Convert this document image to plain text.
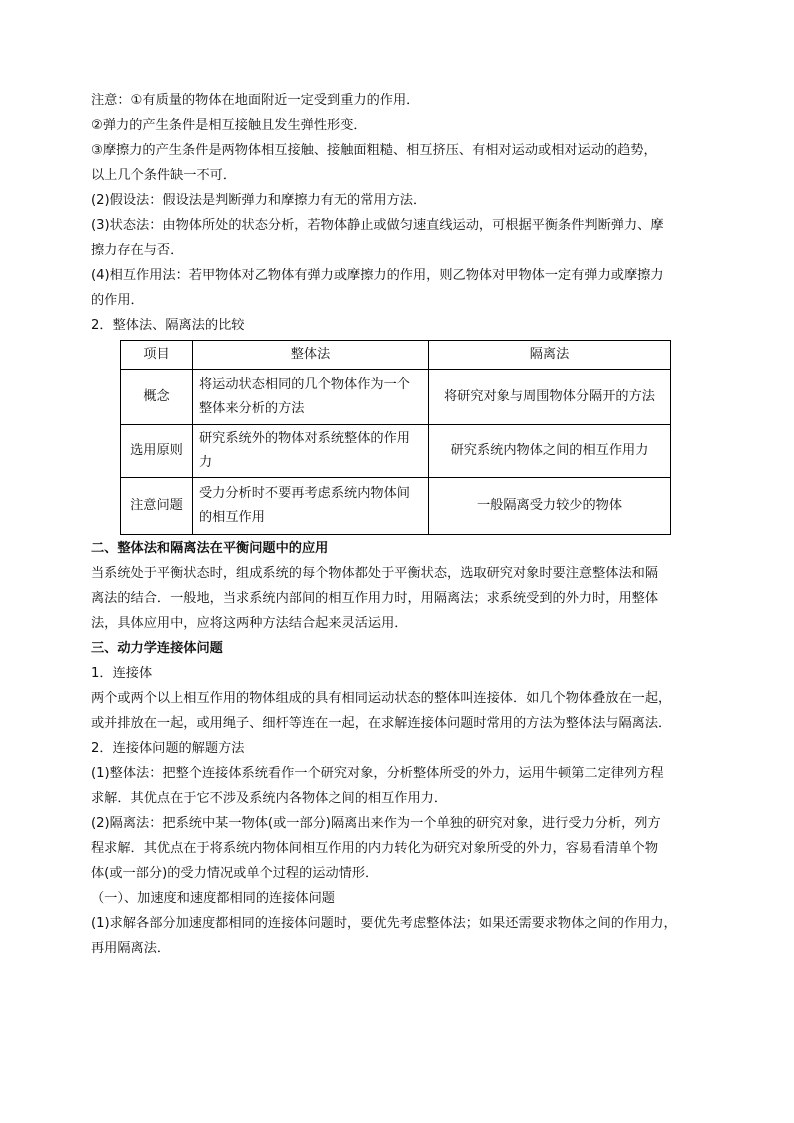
注意：①有质量的物体在地面附近一定受到重力的作用．

②弹力的产生条件是相互接触且发生弹性形变．

③摩擦力的产生条件是两物体相互接触、接触面粗糙、相互挤压、有相对运动或相对运动的趋势，

以上几个条件缺一不可．

(2)假设法：假设法是判断弹力和摩擦力有无的常用方法．

(3)状态法：由物体所处的状态分析，若物体静止或做匀速直线运动，可根据平衡条件判断弹力、摩

擦力存在与否．

(4)相互作用法：若甲物体对乙物体有弹力或摩擦力的作用，则乙物体对甲物体一定有弹力或摩擦力

的作用．

2．整体法、隔离法的比较

项目	整体法	隔离法
概念	将运动状态相同的几个物体作为一个整体来分析的方法	将研究对象与周围物体分隔开的方法
选用原则	研究系统外的物体对系统整体的作用力	研究系统内物体之间的相互作用力
注意问题	受力分析时不要再考虑系统内物体间的相互作用	一般隔离受力较少的物体

二、整体法和隔离法在平衡问题中的应用

当系统处于平衡状态时，组成系统的每个物体都处于平衡状态，选取研究对象时要注意整体法和隔

离法的结合．一般地，当求系统内部间的相互作用力时，用隔离法；求系统受到的外力时，用整体

法，具体应用中，应将这两种方法结合起来灵活运用．

三、动力学连接体问题

1．连接体

两个或两个以上相互作用的物体组成的具有相同运动状态的整体叫连接体．如几个物体叠放在一起，

或并排放在一起，或用绳子、细杆等连在一起，在求解连接体问题时常用的方法为整体法与隔离法．

2．连接体问题的解题方法

(1)整体法：把整个连接体系统看作一个研究对象，分析整体所受的外力，运用牛顿第二定律列方程

求解．其优点在于它不涉及系统内各物体之间的相互作用力．

(2)隔离法：把系统中某一物体(或一部分)隔离出来作为一个单独的研究对象，进行受力分析，列方

程求解．其优点在于将系统内物体间相互作用的内力转化为研究对象所受的外力，容易看清单个物

体(或一部分)的受力情况或单个过程的运动情形．

（一）、加速度和速度都相同的连接体问题

(1)求解各部分加速度都相同的连接体问题时，要优先考虑整体法；如果还需要求物体之间的作用力，

再用隔离法．
